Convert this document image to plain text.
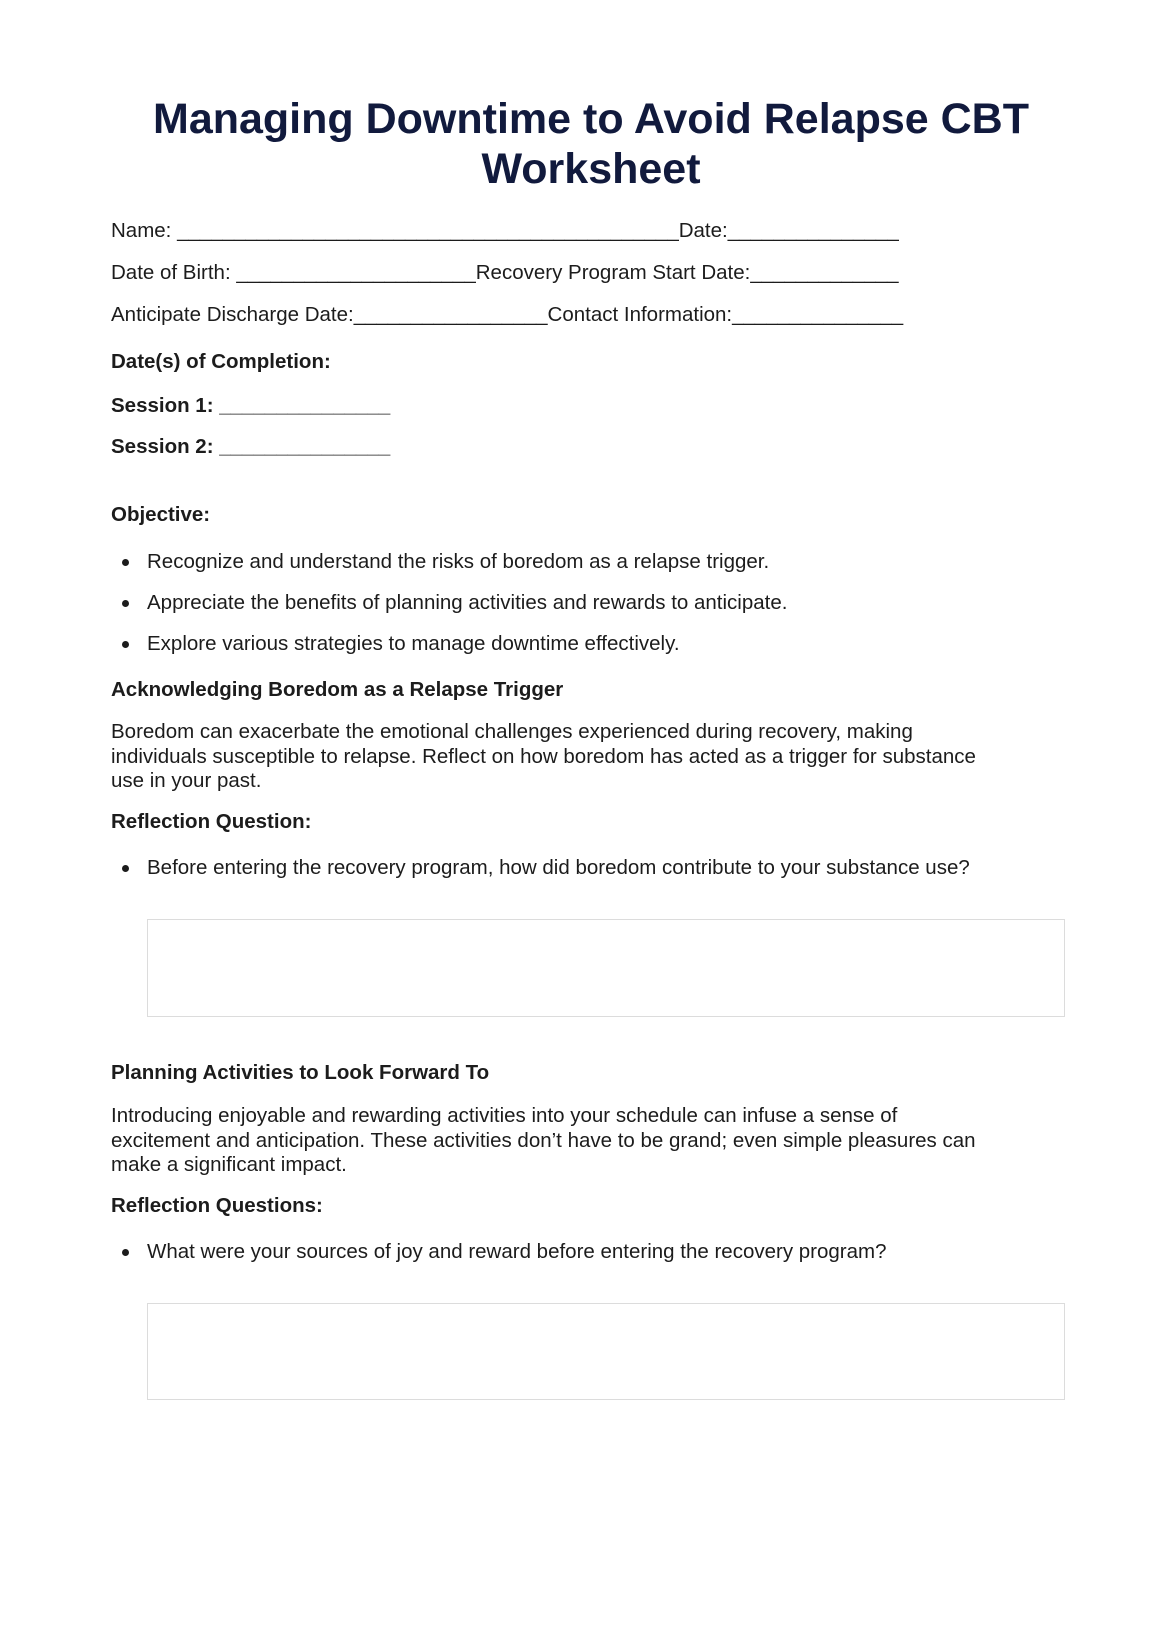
Managing Downtime to Avoid Relapse CBT
Worksheet
Name: ____________________________________________Date:_______________
Date of Birth: _____________________Recovery Program Start Date:_____________
Anticipate Discharge Date:_________________Contact Information:_______________
Date(s) of Completion:
Session 1: _______________
Session 2: _______________
Objective:

Recognize and understand the risks of boredom as a relapse trigger.

Appreciate the benefits of planning activities and rewards to anticipate.

Explore various strategies to manage downtime effectively.

Acknowledging Boredom as a Relapse Trigger
Boredom can exacerbate the emotional challenges experienced during recovery, making
individuals susceptible to relapse. Reflect on how boredom has acted as a trigger for substance
use in your past.
Reflection Question:

Before entering the recovery program, how did boredom contribute to your substance use?

Planning Activities to Look Forward To
Introducing enjoyable and rewarding activities into your schedule can infuse a sense of
excitement and anticipation. These activities don’t have to be grand; even simple pleasures can
make a significant impact.
Reflection Questions:

What were your sources of joy and reward before entering the recovery program?
